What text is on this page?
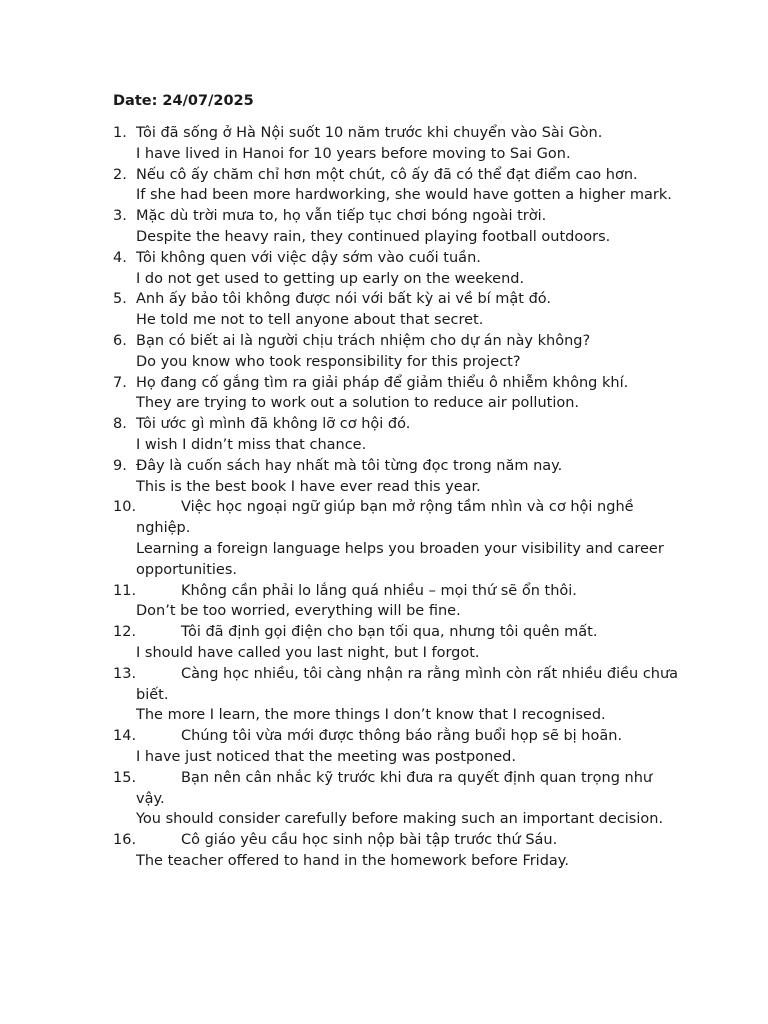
Date: 24/07/2025
1. Tôi đã sống ở Hà Nội suốt 10 năm trước khi chuyển vào Sài Gòn.
I have lived in Hanoi for 10 years before moving to Sai Gon.
2. Nếu cô ấy chăm chỉ hơn một chút, cô ấy đã có thể đạt điểm cao hơn.
If she had been more hardworking, she would have gotten a higher mark.
3. Mặc dù trời mưa to, họ vẫn tiếp tục chơi bóng ngoài trời.
Despite the heavy rain, they continued playing football outdoors.
4. Tôi không quen với việc dậy sớm vào cuối tuần.
I do not get used to getting up early on the weekend.
5. Anh ấy bảo tôi không được nói với bất kỳ ai về bí mật đó.
He told me not to tell anyone about that secret.
6. Bạn có biết ai là người chịu trách nhiệm cho dự án này không?
Do you know who took responsibility for this project?
7. Họ đang cố gắng tìm ra giải pháp để giảm thiểu ô nhiễm không khí.
They are trying to work out a solution to reduce air pollution.
8. Tôi ước gì mình đã không lỡ cơ hội đó.
I wish I didn’t miss that chance.
9. Đây là cuốn sách hay nhất mà tôi từng đọc trong năm nay.
This is the best book I have ever read this year.
10.	Việc học ngoại ngữ giúp bạn mở rộng tầm nhìn và cơ hội nghề nghiệp.
Learning a foreign language helps you broaden your visibility and career opportunities.
11.	Không cần phải lo lắng quá nhiều – mọi thứ sẽ ổn thôi.
Don’t be too worried, everything will be fine.
12.	Tôi đã định gọi điện cho bạn tối qua, nhưng tôi quên mất.
I should have called you last night, but I forgot.
13.	Càng học nhiều, tôi càng nhận ra rằng mình còn rất nhiều điều chưa biết.
The more I learn, the more things I don’t know that I recognised.
14.	Chúng tôi vừa mới được thông báo rằng buổi họp sẽ bị hoãn.
I have just noticed that the meeting was postponed.
15.	Bạn nên cân nhắc kỹ trước khi đưa ra quyết định quan trọng như vậy.
You should consider carefully before making such an important decision.
16.	Cô giáo yêu cầu học sinh nộp bài tập trước thứ Sáu.
The teacher offered to hand in the homework before Friday.
